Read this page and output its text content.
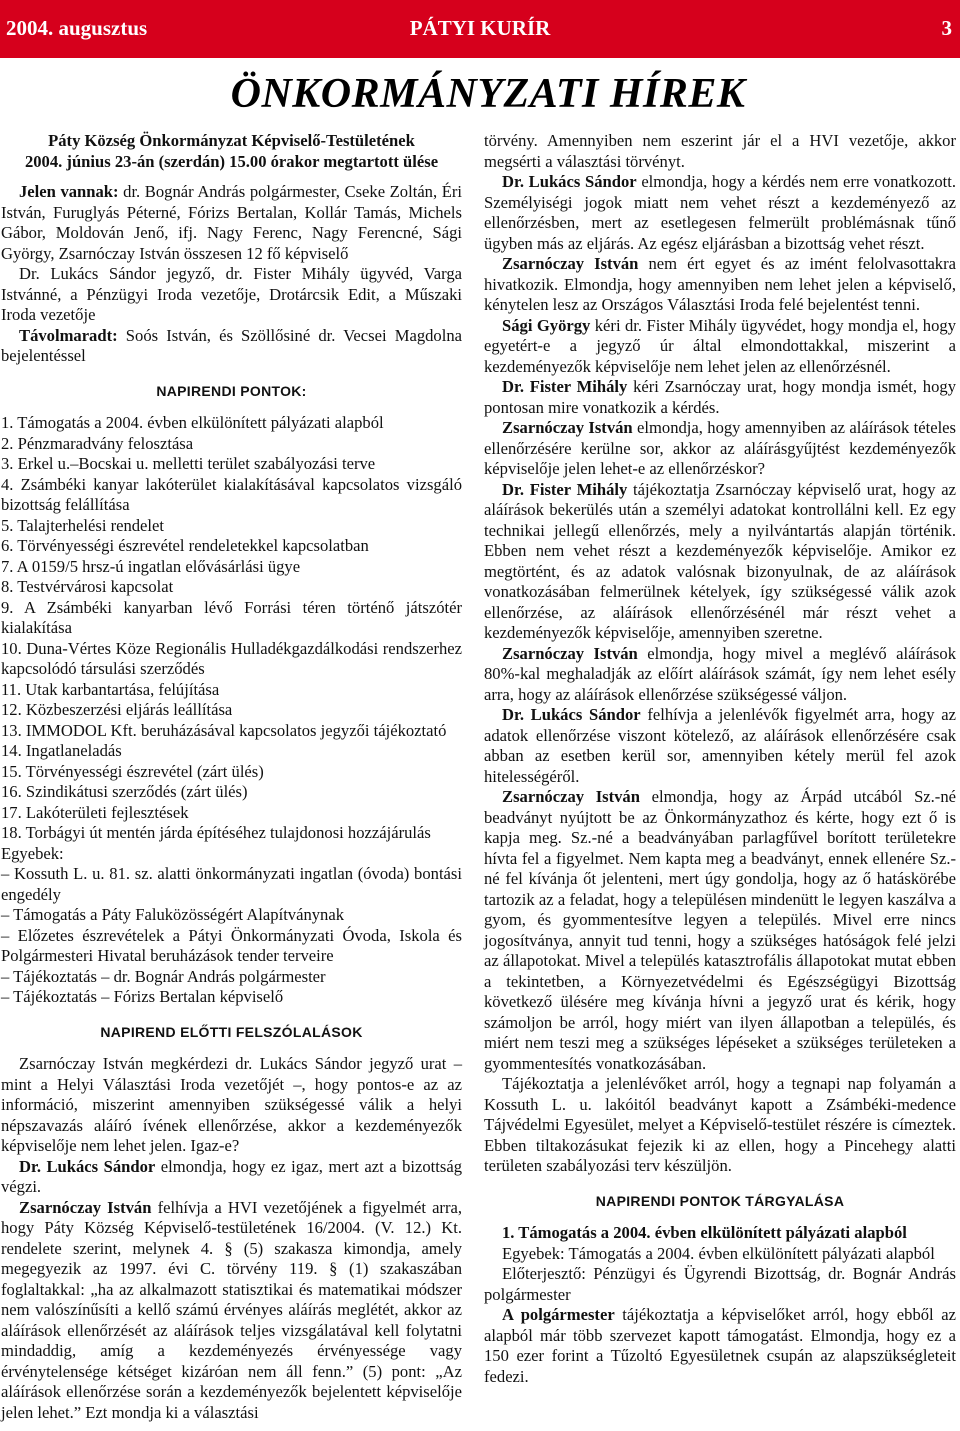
2004. augusztus	PÁTYI KURÍR	3
ÖNKORMÁNYZATI HÍREK

Páty Község Önkormányzat Képviselő-Testületének

2004. június 23-án (szerdán) 15.00 órakor megtartott ülése

Jelen vannak: dr. Bognár András polgármester, Cseke Zoltán, Éri István, Furuglyás Péterné, Fórizs Bertalan, Kollár Tamás, Michels Gábor, Moldován Jenő, ifj. Nagy Ferenc, Nagy Ferencné, Sági György, Zsarnóczay István összesen 12 fő képviselő

Dr. Lukács Sándor jegyző, dr. Fister Mihály ügyvéd, Varga Istvánné, a Pénzügyi Iroda vezetője, Drotárcsik Edit, a Műszaki Iroda vezetője

Távolmaradt: Soós István, és Szöllősiné dr. Vecsei Magdolna bejelentéssel

NAPIRENDI PONTOK:

1. Támogatás a 2004. évben elkülönített pályázati alapból

2. Pénzmaradvány felosztása

3. Erkel u.–Bocskai u. melletti terület szabályozási terve

4. Zsámbéki kanyar lakóterület kialakításával kapcsolatos vizsgáló bizottság felállítása

5. Talajterhelési rendelet

6. Törvényességi észrevétel rendeletekkel kapcsolatban

7. A 0159/5 hrsz-ú ingatlan elővásárlási ügye

8. Testvérvárosi kapcsolat

9. A Zsámbéki kanyarban lévő Forrási téren történő játszótér kialakítása

10. Duna-Vértes Köze Regionális Hulladékgazdálkodási rendszerhez kapcsolódó társulási szerződés

11. Utak karbantartása, felújítása

12. Közbeszerzési eljárás leállítása

13. IMMODOL Kft. beruházásával kapcsolatos jegyzői tájékoztató

14. Ingatlaneladás

15. Törvényességi észrevétel (zárt ülés)

16. Szindikátusi szerződés (zárt ülés)

17. Lakóterületi fejlesztések

18. Torbágyi út mentén járda építéséhez tulajdonosi hozzájárulás

Egyebek:

– Kossuth L. u. 81. sz. alatti önkormányzati ingatlan (óvoda) bontási engedély

– Támogatás a Páty Faluközösségért Alapítványnak

– Előzetes észrevételek a Pátyi Önkormányzati Óvoda, Iskola és Polgármesteri Hivatal beruházások tender terveire

– Tájékoztatás – dr. Bognár András polgármester

– Tájékoztatás – Fórizs Bertalan képviselő

NAPIREND ELŐTTI FELSZÓLALÁSOK

Zsarnóczay István megkérdezi dr. Lukács Sándor jegyző urat – mint a Helyi Választási Iroda vezetőjét –, hogy pontos-e az az információ, miszerint amennyiben szükségessé válik a helyi népszavazás aláíró ívének ellenőrzése, akkor a kezdeményezők képviselője nem lehet jelen. Igaz-e?

Dr. Lukács Sándor elmondja, hogy ez igaz, mert azt a bizottság végzi.

Zsarnóczay István felhívja a HVI vezetőjének a figyelmét arra, hogy Páty Község Képviselő-testületének 16/2004. (V. 12.) Kt. rendelete szerint, melynek 4. § (5) szakasza kimondja, amely megegyezik az 1997. évi C. törvény 119. § (1) szakaszában foglaltakkal: „ha az alkalmazott statisztikai és matematikai módszer nem valószínűsíti a kellő számú érvényes aláírás meglétét, akkor az aláírások ellenőrzését az aláírások teljes vizsgálatával kell folytatni mindaddig, amíg a kezdeményezés érvényessége vagy érvénytelensége kétséget kizáróan nem áll fenn.” (5) pont: „Az aláírások ellenőrzése során a kezdeményezők bejelentett képviselője jelen lehet.” Ezt mondja ki a választási

törvény. Amennyiben nem eszerint jár el a HVI vezetője, akkor megsérti a választási törvényt.

Dr. Lukács Sándor elmondja, hogy a kérdés nem erre vonatkozott. Személyiségi jogok miatt nem vehet részt a kezdeményező az ellenőrzésben, mert az esetlegesen felmerült problémásnak tűnő ügyben más az eljárás. Az egész eljárásban a bizottság vehet részt.

Zsarnóczay István nem ért egyet és az imént felolvasottakra hivatkozik. Elmondja, hogy amennyiben nem lehet jelen a képviselő, kénytelen lesz az Országos Választási Iroda felé bejelentést tenni.

Sági György kéri dr. Fister Mihály ügyvédet, hogy mondja el, hogy egyetért-e a jegyző úr által elmondottakkal, miszerint a kezdeményezők képviselője nem lehet jelen az ellenőrzésnél.

Dr. Fister Mihály kéri Zsarnóczay urat, hogy mondja ismét, hogy pontosan mire vonatkozik a kérdés.

Zsarnóczay István elmondja, hogy amennyiben az aláírások tételes ellenőrzésére kerülne sor, akkor az aláírásgyűjtést kezdeményezők képviselője jelen lehet-e az ellenőrzéskor?

Dr. Fister Mihály tájékoztatja Zsarnóczay képviselő urat, hogy az aláírások bekerülés után a személyi adatokat kontrollálni kell. Ez egy technikai jellegű ellenőrzés, mely a nyilvántartás alapján történik. Ebben nem vehet részt a kezdeményezők képviselője. Amikor ez megtörtént, és az adatok valósnak bizonyulnak, de az aláírások vonatkozásában felmerülnek kételyek, így szükségessé válik azok ellenőrzése, az aláírások ellenőrzésénél már részt vehet a kezdeményezők képviselője, amennyiben szeretne.

Zsarnóczay István elmondja, hogy mivel a meglévő aláírások 80%-kal meghaladják az előírt aláírások számát, így nem lehet esély arra, hogy az aláírások ellenőrzése szükségessé váljon.

Dr. Lukács Sándor felhívja a jelenlévők figyelmét arra, hogy az adatok ellenőrzése viszont kötelező, az aláírások ellenőrzésére csak abban az esetben kerül sor, amennyiben kétely merül fel azok hitelességéről.

Zsarnóczay István elmondja, hogy az Árpád utcából Sz.-né beadványt nyújtott be az Önkormányzathoz és kérte, hogy ezt ő is kapja meg. Sz.-né a beadványában parlagfűvel borított területekre hívta fel a figyelmet. Nem kapta meg a beadványt, ennek ellenére Sz.-né fel kívánja őt jelenteni, mert úgy gondolja, hogy az ő hatáskörébe tartozik az a feladat, hogy a településen mindenütt le legyen kaszálva a gyom, és gyommentesítve legyen a település. Mivel erre nincs jogosítványa, annyit tud tenni, hogy a szükséges hatóságok felé jelzi az állapotokat. Mivel a település katasztrofális állapotokat mutat ebben a tekintetben, a Környezetvédelmi és Egészségügyi Bizottság következő ülésére meg kívánja hívni a jegyző urat és kérik, hogy számoljon be arról, hogy miért van ilyen állapotban a település, és miért nem teszi meg a szükséges lépéseket a szükséges területeken a gyommentesítés vonatkozásában.

Tájékoztatja a jelenlévőket arról, hogy a tegnapi nap folyamán a Kossuth L. u. lakóitól beadványt kapott a Zsámbéki-medence Tájvédelmi Egyesület, melyet a Képviselő-testület részére is címeztek. Ebben tiltakozásukat fejezik ki az ellen, hogy a Pincehegy alatti területen szabályozási terv készüljön.

NAPIRENDI PONTOK TÁRGYALÁSA

1. Támogatás a 2004. évben elkülönített pályázati alapból

Egyebek: Támogatás a 2004. évben elkülönített pályázati alapból

Előterjesztő: Pénzügyi és Ügyrendi Bizottság, dr. Bognár András polgármester

A polgármester tájékoztatja a képviselőket arról, hogy ebből az alapból már több szervezet kapott támogatást. Elmondja, hogy ez a 150 ezer forint a Tűzoltó Egyesületnek csupán az alapszükségleteit fedezi.
